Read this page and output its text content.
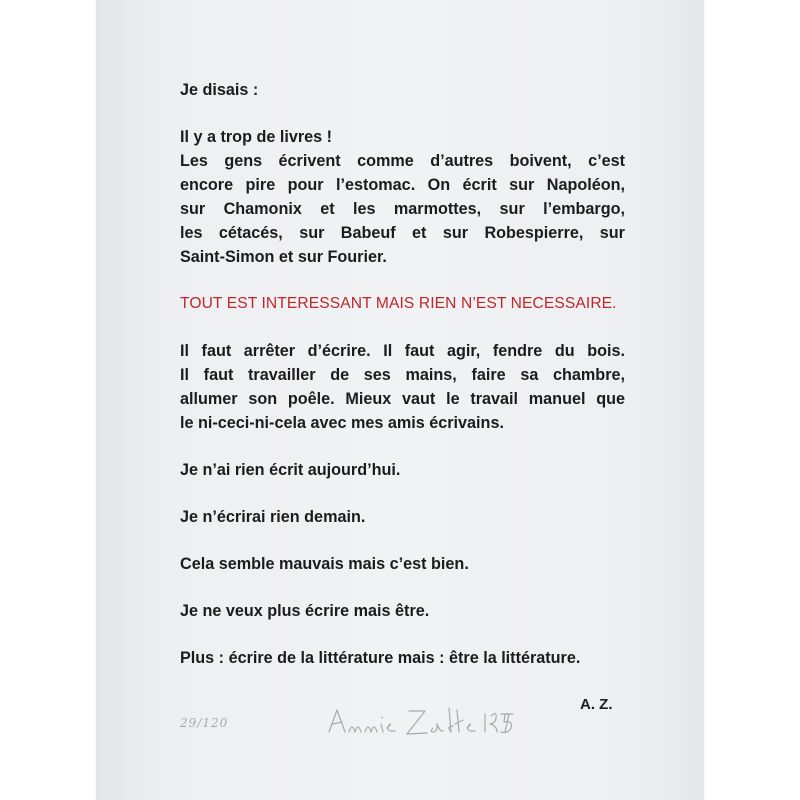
Je disais :

Il y a trop de livres !
Les gens écrivent comme d’autres boivent, c’est
encore pire pour l’estomac. On écrit sur Napoléon,
sur Chamonix et les marmottes, sur l’embargo,
les cétacés, sur Babeuf et sur Robespierre, sur
Saint-Simon et sur Fourier.

TOUT EST INTERESSANT MAIS RIEN N’EST NECESSAIRE.

Il faut arrêter d’écrire. Il faut agir, fendre du bois.
Il faut travailler de ses mains, faire sa chambre,
allumer son poêle. Mieux vaut le travail manuel que
le ni-ceci-ni-cela avec mes amis écrivains.

Je n’ai rien écrit aujourd’hui.

Je n’écrirai rien demain.

Cela semble mauvais mais c’est bien.

Je ne veux plus écrire mais être.

Plus : écrire de la littérature mais : être la littérature.

A. Z.
29/120
